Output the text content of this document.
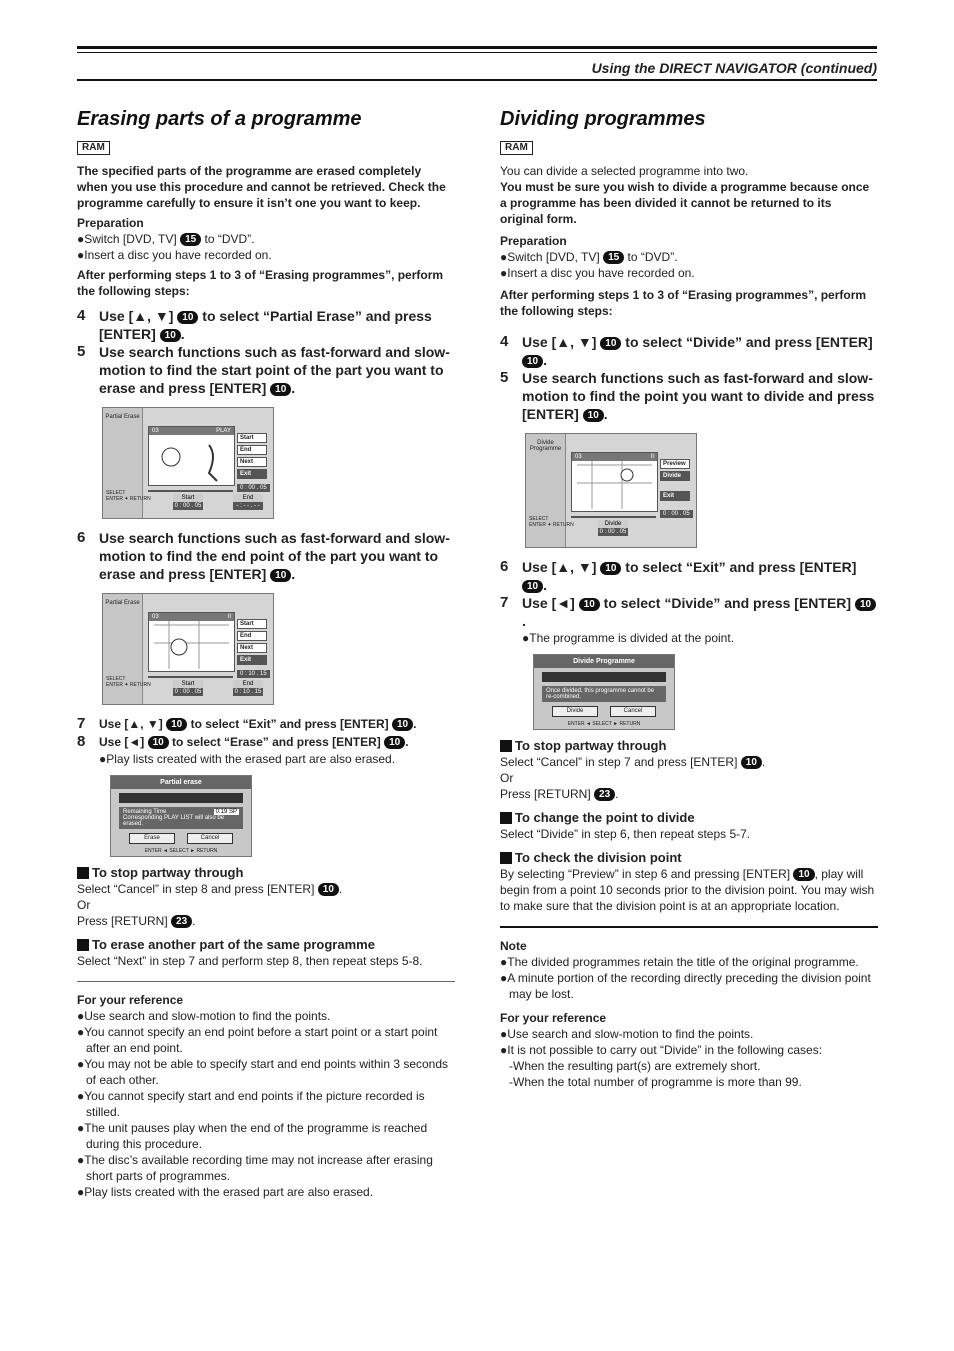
Using the DIRECT NAVIGATOR (continued)
Erasing parts of a programme
RAM

The specified parts of the programme are erased completely when you use this procedure and cannot be retrieved. Check the programme carefully to ensure it isn’t one you want to keep.

Preparation

●Switch [DVD, TV] 15 to “DVD”.

●Insert a disc you have recorded on.

After performing steps 1 to 3 of “Erasing programmes”, perform the following steps:

4 Use [▲, ▼] 10 to select “Partial Erase” and press [ENTER] 10 .
5 Use search functions such as fast-forward and slow-motion to find the start point of the part you want to erase and press [ENTER] 10 .
Partial Erase
03	PLAY
Start
End
Next
Exit
0 : 00 . 05
Start
0 : 00 . 05
End
- : - - . - -
SELECT
ENTER ✦ RETURN
6 Use search functions such as fast-forward and slow-motion to find the end point of the part you want to erase and press [ENTER] 10 .
Partial Erase
03	II
Start
End
Next
Exit
0 : 10 . 15
Start
0 : 00 . 05
End
0 : 10 . 15
SELECT
ENTER ✦ RETURN
7	Use [▲, ▼] 10 to select “Exit” and press [ENTER] 10 .
8	Use [◄] 10 to select “Erase” and press [ENTER] 10 .

●Play lists created with the erased part are also erased.

Partial erase
Remaining Time	0:19 SP
Corresponding PLAY LIST will also be erased.
Erase	Cancel
ENTER ◄ SELECT ► RETURN
To stop partway through

Select “Cancel” in step 8 and press [ENTER] 10 .

Or

Press [RETURN] 23 .

To erase another part of the same programme

Select “Next” in step 7 and perform step 8, then repeat steps 5-8.

For your reference

●Use search and slow-motion to find the points.

●You cannot specify an end point before a start point or a start point after an end point.

●You may not be able to specify start and end points within 3 seconds of each other.

●You cannot specify start and end points if the picture recorded is stilled.

●The unit pauses play when the end of the programme is reached during this procedure.

●The disc’s available recording time may not increase after erasing short parts of programmes.

●Play lists created with the erased part are also erased.

Dividing programmes
RAM

You can divide a selected programme into two.

You must be sure you wish to divide a programme because once a programme has been divided it cannot be returned to its original form.

Preparation

●Switch [DVD, TV] 15 to “DVD”.

●Insert a disc you have recorded on.

After performing steps 1 to 3 of “Erasing programmes”, perform the following steps:

4 Use [▲, ▼] 10 to select “Divide” and press [ENTER] 10 .
5 Use search functions such as fast-forward and slow-motion to find the point you want to divide and press [ENTER] 10 .
Divide Programme
03	II
Preview
Divide
Exit
0 : 00 . 05
Divide
0 : 00 . 05
SELECT
ENTER ✦ RETURN
6 Use [▲, ▼] 10 to select “Exit” and press [ENTER] 10 .
7 Use [◄] 10 to select “Divide” and press [ENTER] 10.

●The programme is divided at the point.

Divide Programme
Once divided, this programme cannot be re-combined.
Divide	Cancel
ENTER ◄ SELECT ► RETURN
To stop partway through

Select “Cancel” in step 7 and press [ENTER] 10 .

Or

Press [RETURN] 23 .

To change the point to divide

Select “Divide” in step 6, then repeat steps 5-7.

To check the division point

By selecting “Preview” in step 6 and pressing [ENTER] 10 , play will begin from a point 10 seconds prior to the division point. You may wish to make sure that the division point is at an appropriate location.

Note

●The divided programmes retain the title of the original programme.

●A minute portion of the recording directly preceding the division point may be lost.

For your reference

●Use search and slow-motion to find the points.

●It is not possible to carry out “Divide” in the following cases:

-When the resulting part(s) are extremely short.

-When the total number of programme is more than 99.
